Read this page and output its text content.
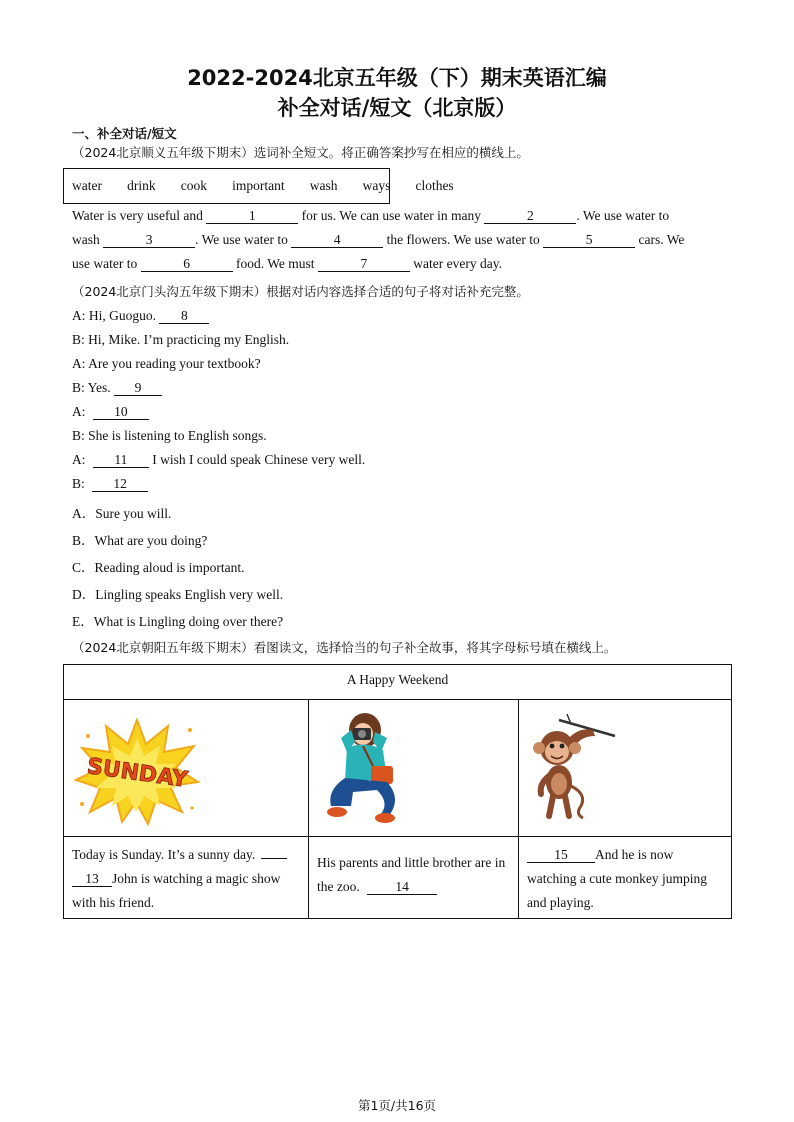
2022-2024北京五年级（下）期末英语汇编
补全对话/短文（北京版）
一、补全对话/短文
（2024北京顺义五年级下期末）选词补全短文。将正确答案抄写在相应的横线上。
water   drink   cook   important   wash   ways   clothes
Water is very useful and	1	for us. We can use water in many	2	. We use water to
wash	3	. We use water to	4	the flowers. We use water to	5	cars. We
use water to	6	food. We must	7	water every day.
（2024北京门头沟五年级下期末）根据对话内容选择合适的句子将对话补充完整。
A: Hi, Guoguo. 8
B: Hi, Mike. I’m practicing my English.
A: Are you reading your textbook?
B: Yes. 9
A: 10
B: She is listening to English songs.
A: 11 I wish I could speak Chinese very well.
B: 12
A．Sure you will.
B．What are you doing?
C．Reading aloud is important.
D．Lingling speaks English very well.
E．What is Lingling doing over there?
（2024北京朝阳五年级下期末）看图读文，选择恰当的句子补全故事，将其字母标号填在横线上。
A Happy Weekend		

SUNDAY

Today is Sunday. It’s a sunny day.
13 John is watching a magic show with his friend.	His parents and little brother are in the zoo. 14	15 And he is now watching a cute monkey jumping and playing.
第1页/共16页
